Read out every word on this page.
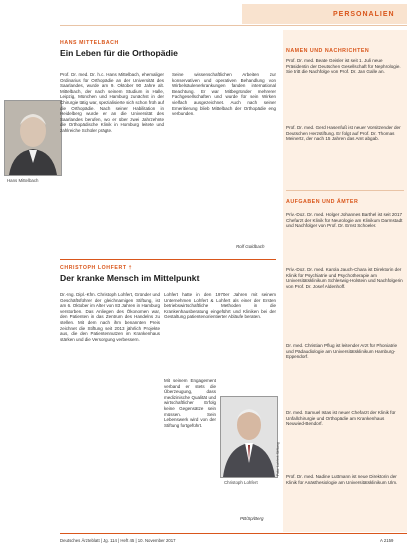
PERSONALIEN
HANS MITTELBACH
Ein Leben für die Orthopädie
Hans Mittelbach

Prof. Dr. med. Dr. h.c. Hans Mittelbach, ehemaliger Ordinarius für Orthopädie an der Universität des Saarlandes, wurde am 9. Oktober 90 Jahre alt. Mittelbach, der nach seinem Studium in Halle, Leipzig, München und Hamburg zunächst in der Chirurgie tätig war, spezialisierte sich schon früh auf die Orthopädie. Nach seiner Habilitation in Heidelberg wurde er an die Universität des Saarlandes berufen, wo er über zwei Jahrzehnte die Orthopädische Klinik in Homburg leitete und zahlreiche Schüler prägte.

Seine wissenschaftlichen Arbeiten zur konservativen und operativen Behandlung von Wirbelsäulenerkrankungen fanden international Beachtung. Er war Mitbegründer mehrerer Fachgesellschaften und wurde für sein Wirken vielfach ausgezeichnet. Auch nach seiner Emeritierung blieb Mittelbach der Orthopädie eng verbunden.

Rolf Goldbach
CHRISTOPH LOHFERT †
Der kranke Mensch im Mittelpunkt

Dr.-Ing. Dipl.-Kfm. Christoph Lohfert, Gründer und Geschäftsführer der gleichnamigen Stiftung, ist am 6. Oktober im Alter von 83 Jahren in Hamburg verstorben. Das Anliegen des Ökonomen war, den Patienten in das Zentrum des Handelns zu stellen. Mit dem nach ihm benannten Preis zeichnet die Stiftung seit 2013 jährlich Projekte aus, die den Patientennutzen im Krankenhaus stärken und die Versorgung verbessern.

Lohfert hatte in den 1970er Jahren mit seinem Unternehmen Lohfert & Lohfert als einer der Ersten betriebswirtschaftliche Methoden in die Krankenhausberatung eingeführt und Kliniken bei der Gestaltung patientenorientierter Abläufe beraten.

Mit seinem Engagement verband er stets die Überzeugung, dass medizinische Qualität und wirtschaftlicher Erfolg keine Gegensätze sein müssen. Sein Lebenswerk wird von der Stiftung fortgeführt.

Foto: Lohfert-Stiftung
Christoph Lohfert
PB/Sp/Berg
NAMEN UND NACHRICHTEN
Prof. Dr. med. Beate Geisler ist seit 1. Juli neue Präsidentin der Deutschen Gesellschaft für Nephrologie. Sie tritt die Nachfolge von Prof. Dr. Jan Galle an.
Prof. Dr. med. Gerd Hasenfuß ist neuer Vorsitzender der Deutschen Herzstiftung. Er folgt auf Prof. Dr. Thomas Meinertz, der nach 15 Jahren das Amt abgab.
AUFGABEN UND ÄMTER
Priv.-Doz. Dr. med. Holger Johannes Barthel ist seit 2017 Chefarzt der Klinik für Neurologie am Klinikum Darmstadt und Nachfolger von Prof. Dr. Ernst Schoeler.
Priv.-Doz. Dr. med. Karola Jauch-Chara ist Direktorin der Klinik für Psychiatrie und Psychotherapie am Universitätsklinikum Schleswig-Holstein und Nachfolgerin von Prof. Dr. Josef Aldenhoff.
Dr. med. Christian Pflug ist leitender Arzt für Phoniatrie und Pädaudiologie am Universitätsklinikum Hamburg-Eppendorf.
Dr. med. Samuel Istas ist neuer Chefarzt der Klinik für Unfallchirurgie und Orthopädie am Krankenhaus Neuwied-Bendorf.
Prof. Dr. med. Nadine Luttmann ist neue Direktorin der Klinik für Anästhesiologie am Universitätsklinikum Ulm.
Deutsches Ärzteblatt | Jg. 114 | Heft 45 | 10. November 2017	A 2159
